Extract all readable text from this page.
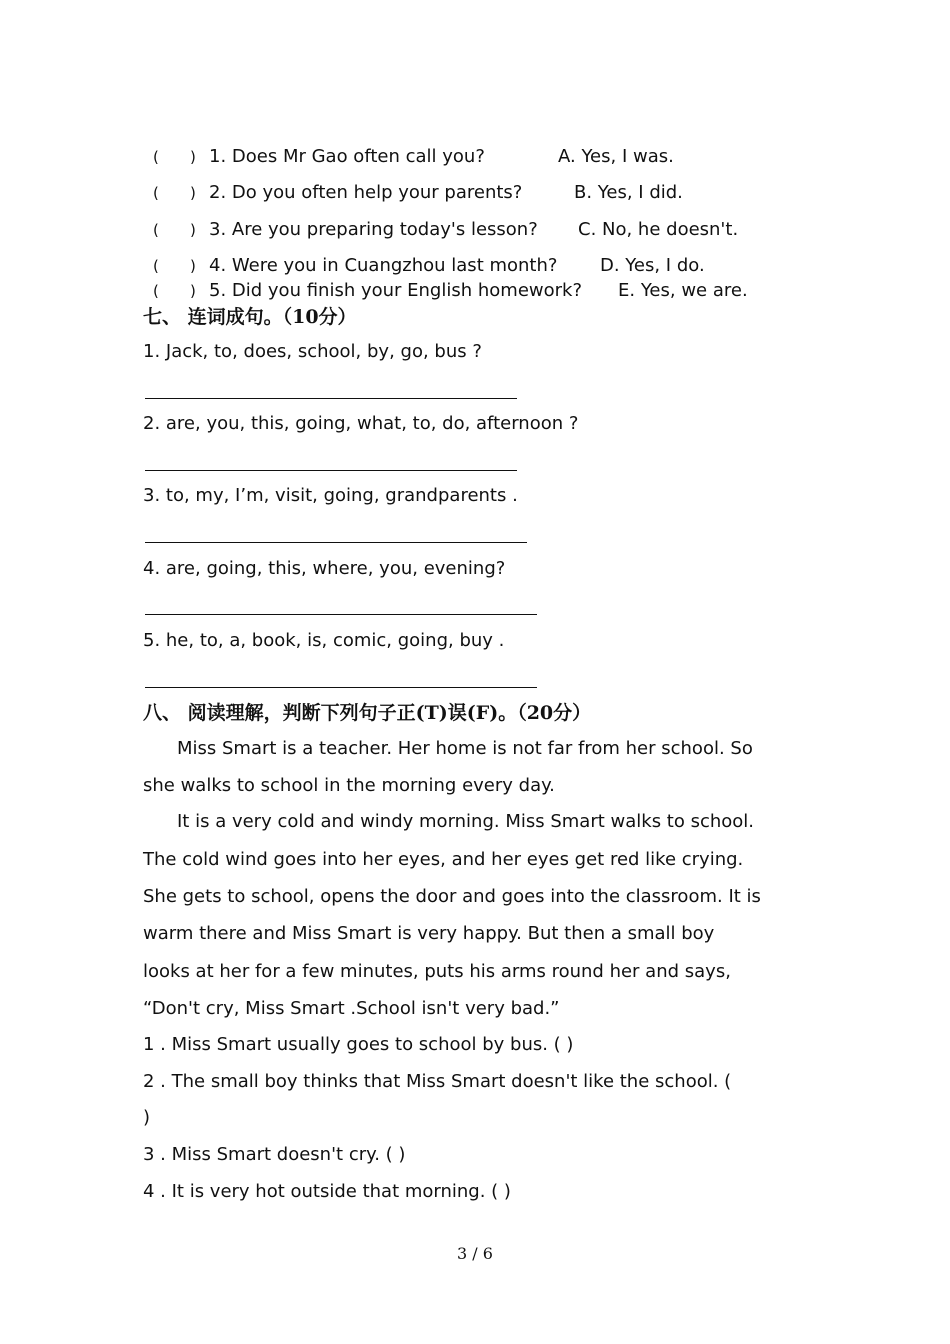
( ) 1. Does Mr Gao often call you?	A. Yes, I was.
( ) 2. Do you often help your parents?	B. Yes, I did.
( ) 3. Are you preparing today's lesson? C. No, he doesn't.
( ) 4. Were you in Cuangzhou last month? D. Yes, I do.
( ) 5. Did you finish your English homework? E. Yes, we are.
七、 连词成句。（10分）
1. Jack, to, does, school, by, go, bus ?
2. are, you, this, going, what, to, do, afternoon ?
3. to, my, I’m, visit, going, grandparents .
4. are, going, this, where, you, evening?
5. he, to, a, book, is, comic, going, buy .
八、 阅读理解，判断下列句子正(T)误(F)。（20分）
Miss Smart is a teacher. Her home is not far from her school. So
she walks to school in the morning every day.
It is a very cold and windy morning. Miss Smart walks to school.
The cold wind goes into her eyes, and her eyes get red like crying.
She gets to school, opens the door and goes into the classroom. It is
warm there and Miss Smart is very happy. But then a small boy
looks at her for a few minutes, puts his arms round her and says,
“Don't cry, Miss Smart .School isn't very bad.”
1 . Miss Smart usually goes to school by bus. ( )
2 . The small boy thinks that Miss Smart doesn't like the school. (
)
3 . Miss Smart doesn't cry. ( )
4 . It is very hot outside that morning. ( )
3 / 6
